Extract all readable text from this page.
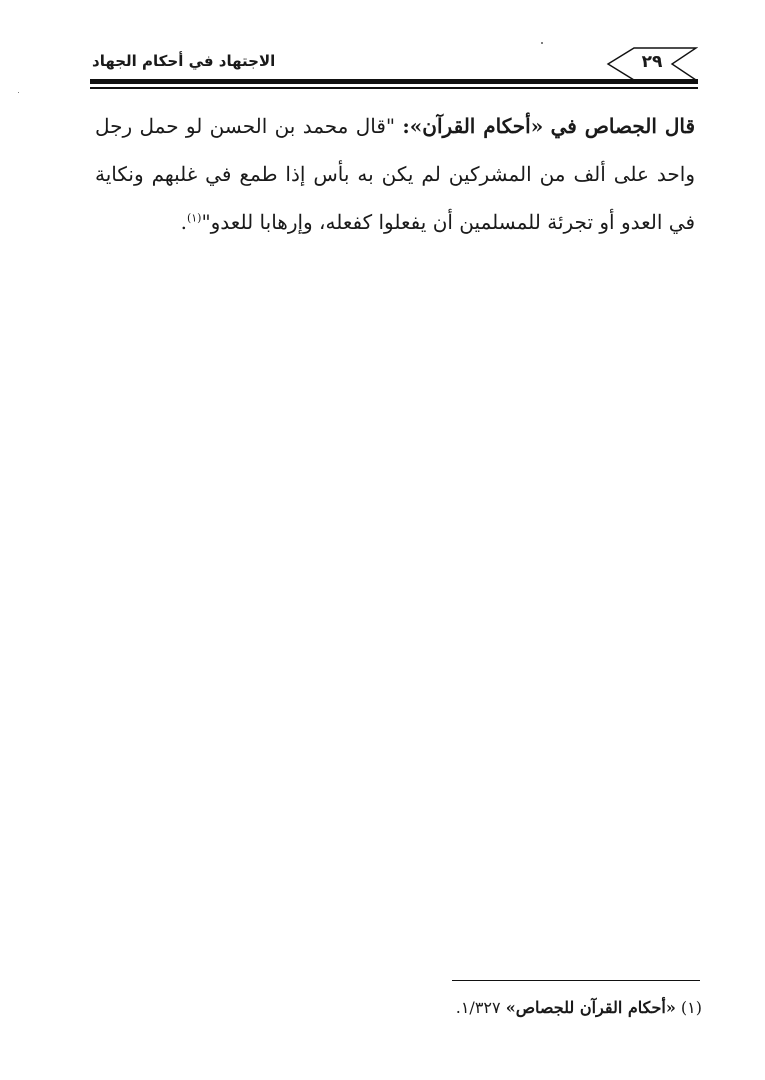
الاجتهاد في أحكام الجهاد	٢٩
قال الجصاص في «أحكام القرآن»: "قال محمد بن الحسن لو حمل رجل واحد على ألف من المشركين لم يكن به بأس إذا طمع في غلبهم ونكاية في العدو أو تجرئة للمسلمين أن يفعلوا كفعله، وإرهابا للعدو"$^{(١)}$.
(١) «أحكام القرآن للجصاص» ١/٣٢٧.
